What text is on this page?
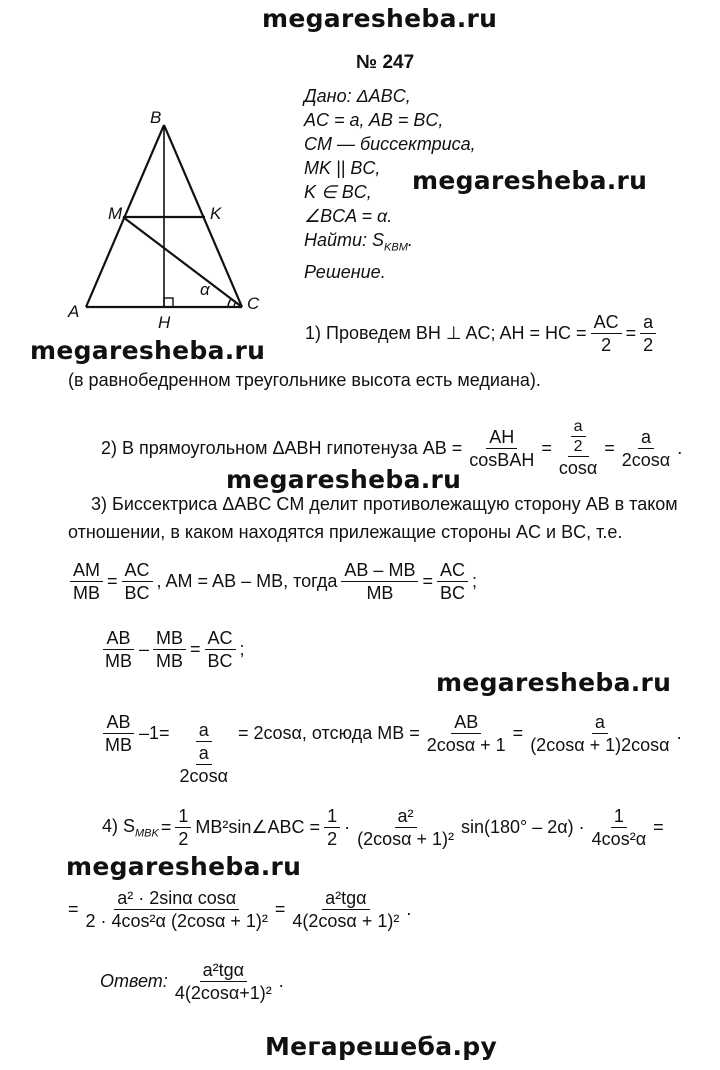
megaresheba.ru
megaresheba.ru
megaresheba.ru
megaresheba.ru
megaresheba.ru
megaresheba.ru
Мегарешеба.ру
№ 247
Дано: ΔABC,
AC = a, AB = BC,
CM — биссектриса,
MK || BC,
K ∈ BC,
∠BCA = α.
Найти: $S_{KBM}$.
Решение.
B
M	K
A
H
C
α
1) Проведем BH ⊥ AC; AH = HC = $\frac{AC}{2} = \frac{a}{2}$
(в равнобедренном треугольнике высота есть медиана).
2) В прямоугольном ΔABH гипотенуза AB = $\frac{AH}{\text{cosBAH}} = \frac{\frac{a}{2}}{\cos\alpha} = \frac{a}{2\cos\alpha}$ .
3) Биссектриса ΔABC CM делит противолежащую сторону AB в таком
отношении, в каком находятся прилежащие стороны AC и BC, т.е.
$\frac{AM}{MB} = \frac{AC}{BC}$ , AM = AB – MB, тогда $\frac{AB - MB}{MB} = \frac{AC}{BC}$ ;
$\frac{AB}{MB} - \frac{MB}{MB} = \frac{AC}{BC}$ ;
$\frac{AB}{MB} -1= \frac{a}{\frac{a}{2\cos\alpha}} = 2\cos\alpha$, отсюда MB = $\frac{AB}{2\cos\alpha + 1} = \frac{a}{(2\cos\alpha + 1)2\cos\alpha}$ .
4) $S_{MBK} = \frac{1}{2}$ MB²sin∠ABC = $\frac{1}{2} \cdot \frac{\text{a²}}{\text{(2cosα + 1)²}} \sin(180^\circ - 2\alpha) \cdot \frac{1}{\text{4cos²α}}$ =
= $\frac{\text{a² · 2sinα cosα}}{\text{2 · 4cos²α (2cosα + 1)²}} = \frac{\text{a²tgα}}{\text{4(2cosα + 1)²}}$ .
Ответ: $\frac{\text{a²tgα}}{\text{4(2cosα+1)²}}$ .
